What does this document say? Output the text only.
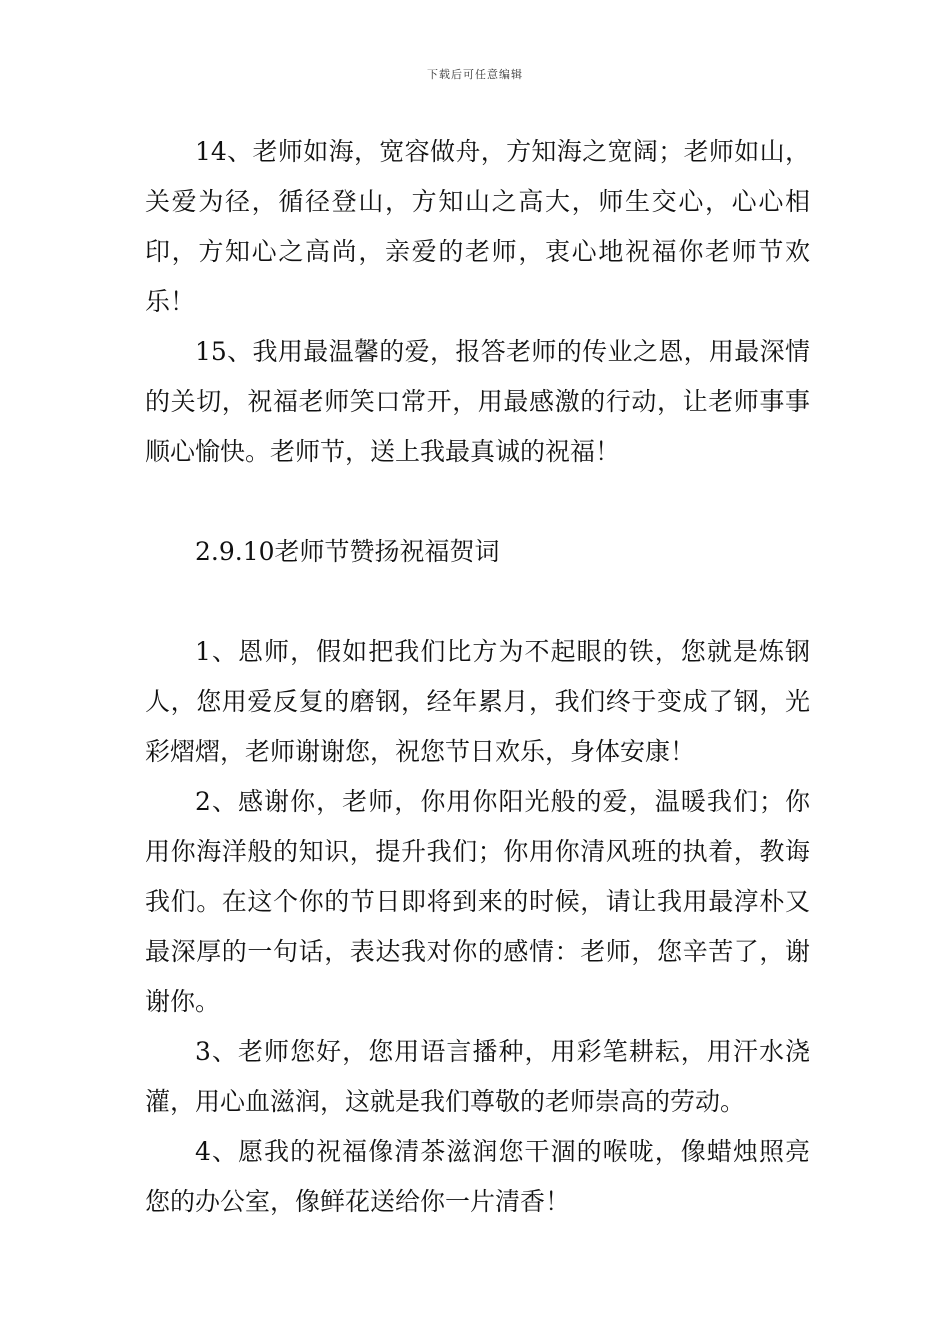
下载后可任意编辑

14、老师如海，宽容做舟，方知海之宽阔；老师如山，关爱为径，循径登山，方知山之高大，师生交心，心心相印，方知心之高尚，亲爱的老师，衷心地祝福你老师节欢乐！

15、我用最温馨的爱，报答老师的传业之恩，用最深情的关切，祝福老师笑口常开，用最感激的行动，让老师事事顺心愉快。老师节，送上我最真诚的祝福！

2.9.10老师节赞扬祝福贺词

1、恩师，假如把我们比方为不起眼的铁，您就是炼钢人，您用爱反复的磨钢，经年累月，我们终于变成了钢，光彩熠熠，老师谢谢您，祝您节日欢乐，身体安康！

2、感谢你，老师，你用你阳光般的爱，温暖我们；你用你海洋般的知识，提升我们；你用你清风班的执着，教诲我们。在这个你的节日即将到来的时候，请让我用最淳朴又最深厚的一句话，表达我对你的感情：老师，您辛苦了，谢谢你。

3、老师您好，您用语言播种，用彩笔耕耘，用汗水浇灌，用心血滋润，这就是我们尊敬的老师崇高的劳动。

4、愿我的祝福像清茶滋润您干涸的喉咙，像蜡烛照亮您的办公室，像鲜花送给你一片清香！
